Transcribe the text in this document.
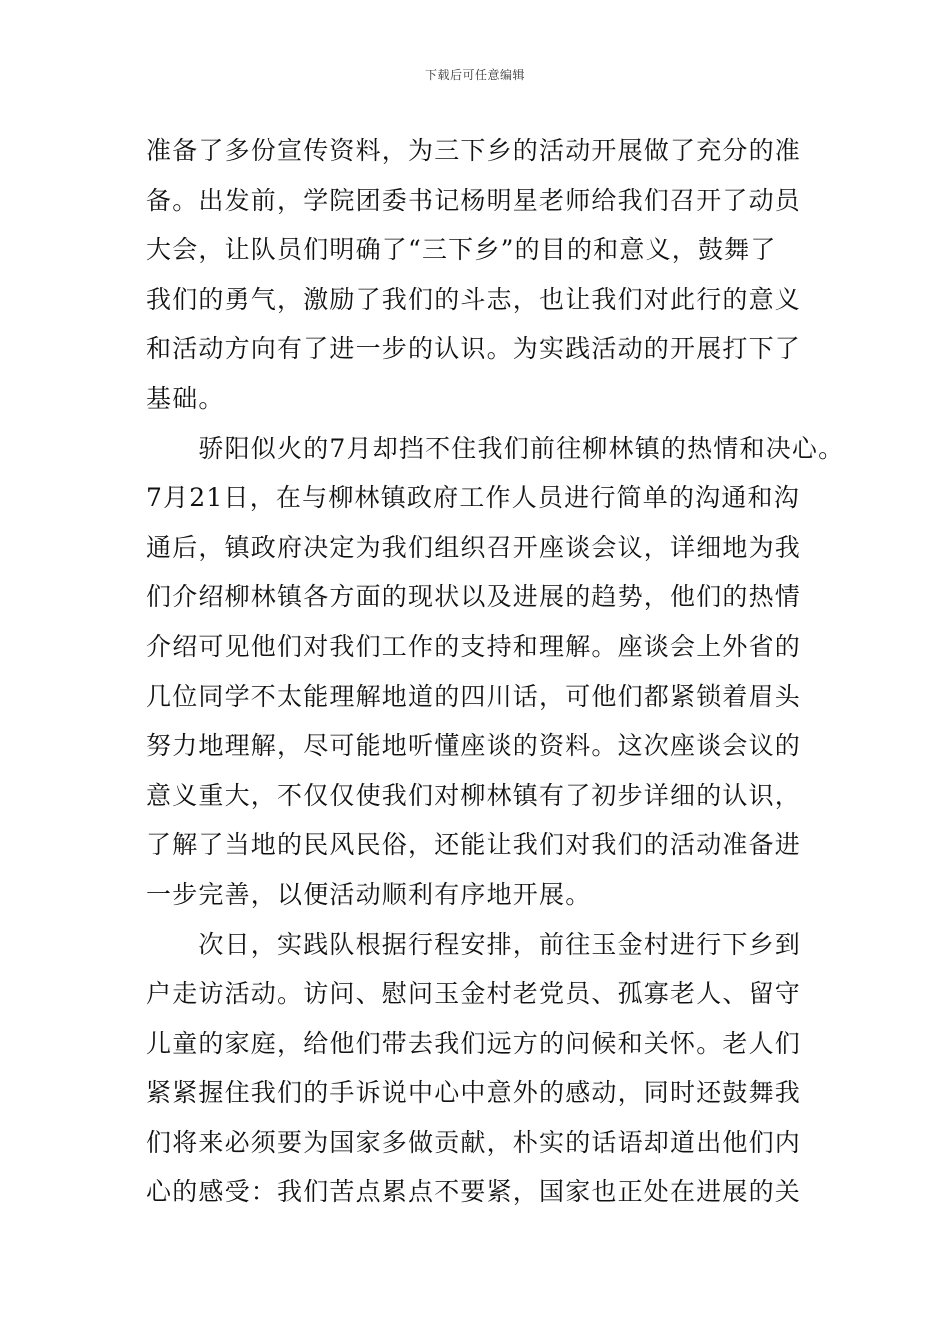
下载后可任意编辑
准备了多份宣传资料，为三下乡的活动开展做了充分的准
备。出发前，学院团委书记杨明星老师给我们召开了动员
大会，让队员们明确了“三下乡”的目的和意义，鼓舞了
我们的勇气，激励了我们的斗志，也让我们对此行的意义
和活动方向有了进一步的认识。为实践活动的开展打下了
基础。
　　骄阳似火的7月却挡不住我们前往柳林镇的热情和决心。
7月21日，在与柳林镇政府工作人员进行简单的沟通和沟
通后，镇政府决定为我们组织召开座谈会议，详细地为我
们介绍柳林镇各方面的现状以及进展的趋势，他们的热情
介绍可见他们对我们工作的支持和理解。座谈会上外省的
几位同学不太能理解地道的四川话，可他们都紧锁着眉头
努力地理解，尽可能地听懂座谈的资料。这次座谈会议的
意义重大，不仅仅使我们对柳林镇有了初步详细的认识，
了解了当地的民风民俗，还能让我们对我们的活动准备进
一步完善，以便活动顺利有序地开展。
　　次日，实践队根据行程安排，前往玉金村进行下乡到
户走访活动。访问、慰问玉金村老党员、孤寡老人、留守
儿童的家庭，给他们带去我们远方的问候和关怀。老人们
紧紧握住我们的手诉说中心中意外的感动，同时还鼓舞我
们将来必须要为国家多做贡献，朴实的话语却道出他们内
心的感受：我们苦点累点不要紧，国家也正处在进展的关
